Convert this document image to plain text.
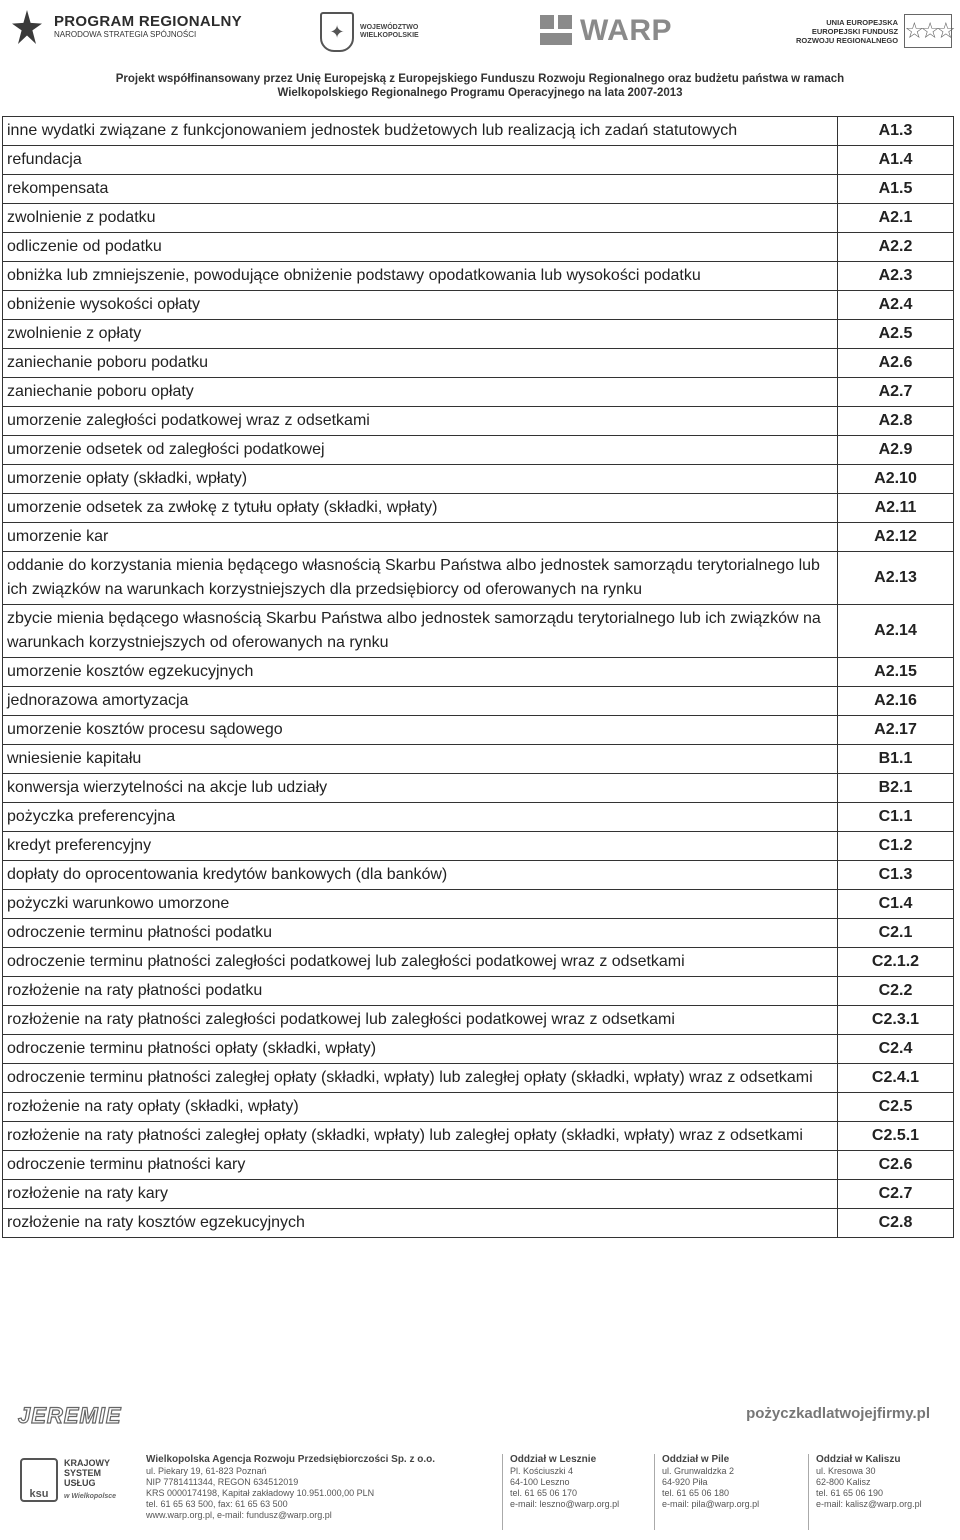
PROGRAM REGIONALNY
NARODOWA STRATEGIA SPÓJNOŚCI	✦	WOJEWÓDZTWO
WIELKOPOLSKIE	WARP	UNIA EUROPEJSKA
EUROPEJSKI FUNDUSZ
ROZWOJU REGIONALNEGO ☆☆☆
Projekt współfinansowany przez Unię Europejską z Europejskiego Funduszu Rozwoju Regionalnego oraz budżetu państwa w ramach
Wielkopolskiego Regionalnego Programu Operacyjnego na lata 2007-2013
inne wydatki związane z funkcjonowaniem jednostek budżetowych lub realizacją ich zadań statutowych	A1.3
refundacja	A1.4
rekompensata	A1.5
zwolnienie z podatku	A2.1
odliczenie od podatku	A2.2
obniżka lub zmniejszenie, powodujące obniżenie podstawy opodatkowania lub wysokości podatku	A2.3
obniżenie wysokości opłaty	A2.4
zwolnienie z opłaty	A2.5
zaniechanie poboru podatku	A2.6
zaniechanie poboru opłaty	A2.7
umorzenie zaległości podatkowej wraz z odsetkami	A2.8
umorzenie odsetek od zaległości podatkowej	A2.9
umorzenie opłaty (składki, wpłaty)	A2.10
umorzenie odsetek za zwłokę z tytułu opłaty (składki, wpłaty)	A2.11
umorzenie kar	A2.12
oddanie do korzystania mienia będącego własnością Skarbu Państwa albo jednostek samorządu terytorialnego lub ich związków na warunkach korzystniejszych dla przedsiębiorcy od oferowanych na rynku	A2.13
zbycie mienia będącego własnością Skarbu Państwa albo jednostek samorządu terytorialnego lub ich związków na warunkach korzystniejszych od oferowanych na rynku	A2.14
umorzenie kosztów egzekucyjnych	A2.15
jednorazowa amortyzacja	A2.16
umorzenie kosztów procesu sądowego	A2.17
wniesienie kapitału	B1.1
konwersja wierzytelności na akcje lub udziały	B2.1
pożyczka preferencyjna	C1.1
kredyt preferencyjny	C1.2
dopłaty do oprocentowania kredytów bankowych (dla banków)	C1.3
pożyczki warunkowo umorzone	C1.4
odroczenie terminu płatności podatku	C2.1
odroczenie terminu płatności zaległości podatkowej lub zaległości podatkowej wraz z odsetkami	C2.1.2
rozłożenie na raty płatności podatku	C2.2
rozłożenie na raty płatności zaległości podatkowej lub zaległości podatkowej wraz z odsetkami	C2.3.1
odroczenie terminu płatności opłaty (składki, wpłaty)	C2.4
odroczenie terminu płatności zaległej opłaty (składki, wpłaty) lub zaległej opłaty (składki, wpłaty) wraz z odsetkami	C2.4.1
rozłożenie na raty opłaty (składki, wpłaty)	C2.5
rozłożenie na raty płatności zaległej opłaty (składki, wpłaty) lub zaległej opłaty (składki, wpłaty) wraz z odsetkami	C2.5.1
odroczenie terminu płatności kary	C2.6
rozłożenie na raty kary	C2.7
rozłożenie na raty kosztów egzekucyjnych	C2.8
JEREMIE	pożyczkadlatwojejfirmy.pl
ksu
KRAJOWY
SYSTEM
USŁUG
w Wielkopolsce
Wielkopolska Agencja Rozwoju Przedsiębiorczości Sp. z o.o.
ul. Piekary 19, 61-823 Poznań
NIP 7781411344, REGON 634512019
KRS 0000174198, Kapitał zakładowy 10.951.000,00 PLN
tel. 61 65 63 500, fax: 61 65 63 500
www.warp.org.pl, e-mail: fundusz@warp.org.pl
Oddział w Lesznie
Pl. Kościuszki 4
64-100 Leszno
tel. 61 65 06 170
e-mail: leszno@warp.org.pl
Oddział w Pile
ul. Grunwaldzka 2
64-920 Piła
tel. 61 65 06 180
e-mail: pila@warp.org.pl
Oddział w Kaliszu
ul. Kresowa 30
62-800 Kalisz
tel. 61 65 06 190
e-mail: kalisz@warp.org.pl
